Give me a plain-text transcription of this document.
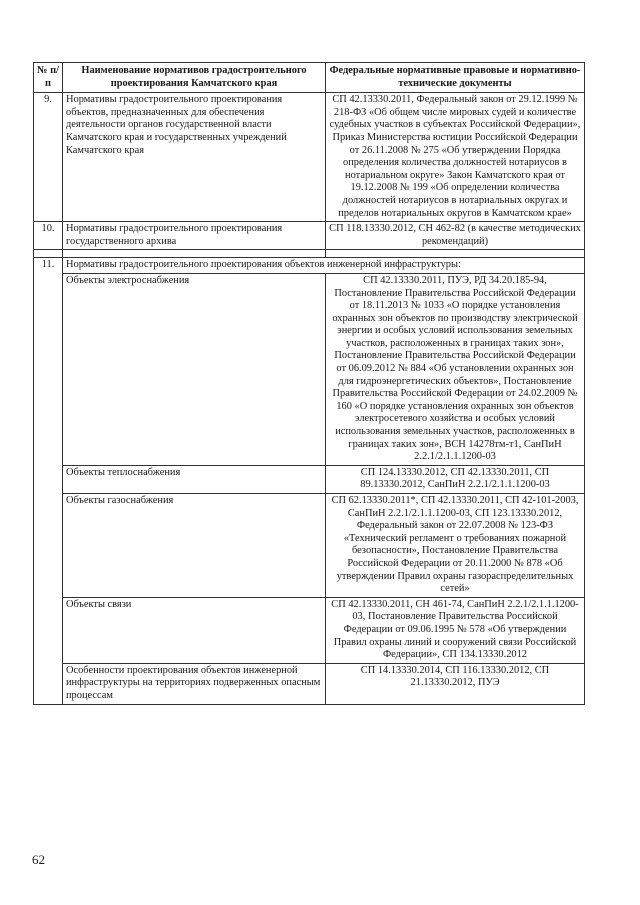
№ п/п	Наименование нормативов градостроительного проектирования Камчатского края	Федеральные нормативные правовые и нормативно-технические документы
9.	Нормативы градостроительного проектирования объектов, предназначенных для обеспечения деятельности органов государственной власти Камчатского края и государственных учреждений Камчатского края	СП 42.13330.2011, Федеральный закон от 29.12.1999 № 218-ФЗ «Об общем числе мировых судей и количестве судебных участков в субъектах Российской Федерации», Приказ Министерства юстиции Российской Федерации от 26.11.2008 № 275 «Об утверждении Порядка определения количества должностей нотариусов в нотариальном округе» Закон Камчатского края от 19.12.2008 № 199 «Об определении количества должностей нотариусов в нотариальных округах и пределов нотариальных округов в Камчатском крае»
10.	Нормативы градостроительного проектирования государственного архива	СП 118.13330.2012, СН 462-82 (в качестве методических рекомендаций)

11.	Нормативы градостроительного проектирования объектов инженерной инфраструктуры:	
	Объекты электроснабжения	СП 42.13330.2011, ПУЭ, РД 34.20.185-94, Постановление Правительства Российской Федерации от 18.11.2013 № 1033 «О порядке установления охранных зон объектов по производству электрической энергии и особых условий использования земельных участков, расположенных в границах таких зон», Постановление Правительства Российской Федерации от 06.09.2012 № 884 «Об установлении охранных зон для гидроэнергетических объектов», Постановление Правительства Российской Федерации от 24.02.2009 № 160 «О порядке установления охранных зон объектов электросетевого хозяйства и особых условий использования земельных участков, расположенных в границах таких зон», ВСН 14278тм-т1, СанПиН 2.2.1/2.1.1.1200-03
	Объекты теплоснабжения	СП 124.13330.2012, СП 42.13330.2011, СП 89.13330.2012, СанПиН 2.2.1/2.1.1.1200-03
	Объекты газоснабжения	СП 62.13330.2011*, СП 42.13330.2011, СП 42-101-2003, СанПиН 2.2.1/2.1.1.1200-03, СП 123.13330.2012, Федеральный закон от 22.07.2008 № 123-ФЗ «Технический регламент о требованиях пожарной безопасности», Постановление Правительства Российской Федерации от 20.11.2000 № 878 «Об утверждении Правил охраны газораспределительных сетей»
	Объекты связи	СП 42.13330.2011, СН 461-74, СанПиН 2.2.1/2.1.1.1200-03, Постановление Правительства Российской Федерации от 09.06.1995 № 578 «Об утверждении Правил охраны линий и сооружений связи Российской Федерации», СП 134.13330.2012
	Особенности проектирования объектов инженерной инфраструктуры на территориях подверженных опасным процессам	СП 14.13330.2014, СП 116.13330.2012, СП 21.13330.2012, ПУЭ
62
